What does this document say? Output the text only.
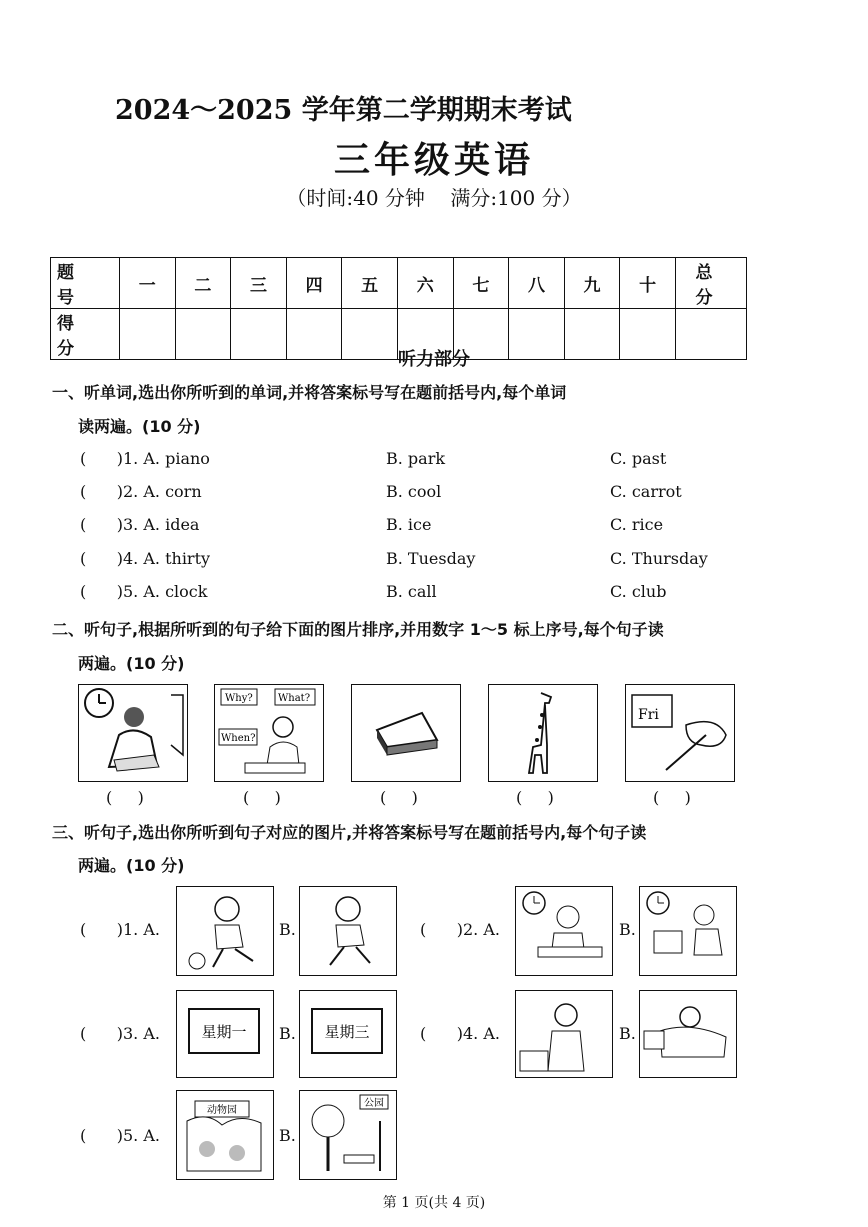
2024～2025 学年第二学期期末考试
三年级英语
（时间:40 分钟    满分:100 分）
题 号	一	二	三	四	五	六	七	八	九	十	总 分
得 分												听力部分
一、听单词,选出你所听到的单词,并将答案标号写在题前括号内,每个单词
读两遍。(10 分)
(      )1. A. piano	B. park	C. past
(      )2. A. corn	B. cool	C. carrot
(      )3. A. idea	B. ice	C. rice
(      )4. A. thirty	B. Tuesday	C. Thursday
(      )5. A. clock	B. call	C. club
二、听句子,根据所听到的句子给下面的图片排序,并用数字 1～5 标上序号,每个句子读
两遍。(10 分)
Why?	What?
When?
Fri
(     )	(     )	(     )	(     )	(     )
三、听句子,选出你所听到句子对应的图片,并将答案标号写在题前括号内,每个句子读
两遍。(10 分)
(      )1. A.	B.	(      )2. A.	B.
(      )3. A.	星期一 B. 星期三	(      )4. A.	B.
(      )5. A.
动物园
B.
公园
第 1 页(共 4 页)
